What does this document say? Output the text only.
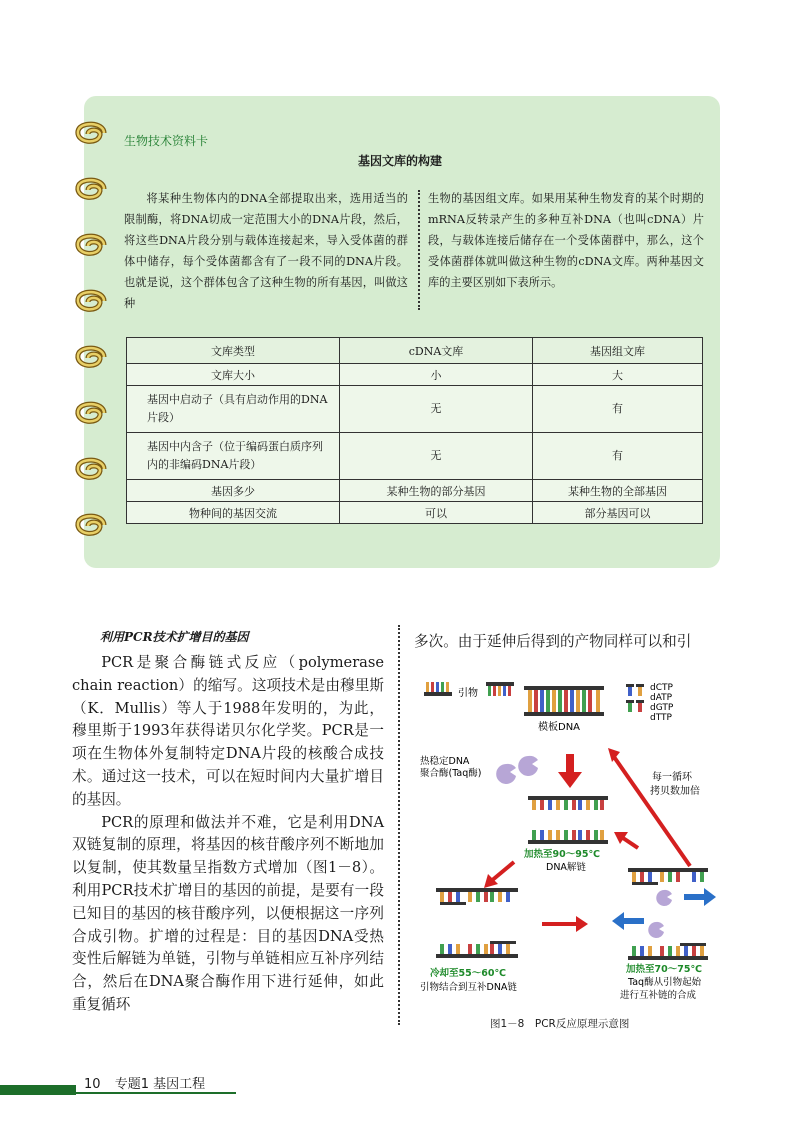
生物技术资料卡
基因文库的构建

将某种生物体内的DNA全部提取出来，选用适当的限制酶，将DNA切成一定范围大小的DNA片段，然后，将这些DNA片段分别与载体连接起来，导入受体菌的群体中储存，每个受体菌都含有了一段不同的DNA片段。也就是说，这个群体包含了这种生物的所有基因，叫做这种

生物的基因组文库。如果用某种生物发育的某个时期的mRNA反转录产生的多种互补DNA（也叫cDNA）片段，与载体连接后储存在一个受体菌群中，那么，这个受体菌群体就叫做这种生物的cDNA文库。两种基因文库的主要区别如下表所示。

文库类型	cDNA文库	基因组文库
文库大小	小	大
基因中启动子（具有启动作用的DNA片段）	无	有
基因中内含子（位于编码蛋白质序列内的非编码DNA片段）	无	有
基因多少	某种生物的部分基因	某种生物的全部基因
物种间的基因交流	可以	部分基因可以
利用PCR技术扩增目的基因

PCR是聚合酶链式反应（polymerase chain reaction）的缩写。这项技术是由穆里斯（K．Mullis）等人于1988年发明的，为此，穆里斯于1993年获得诺贝尔化学奖。PCR是一项在生物体外复制特定DNA片段的核酸合成技术。通过这一技术，可以在短时间内大量扩增目的基因。

PCR的原理和做法并不难，它是利用DNA双链复制的原理，将基因的核苷酸序列不断地加以复制，使其数量呈指数方式增加（图1－8）。利用PCR技术扩增目的基因的前提，是要有一段已知目的基因的核苷酸序列，以便根据这一序列合成引物。扩增的过程是：目的基因DNA受热变性后解链为单链，引物与单链相应互补序列结合，然后在DNA聚合酶作用下进行延伸，如此重复循环

多次。由于延伸后得到的产物同样可以和引
引物
模板DNA
dCTP
dATP
dGTP
dTTP
热稳定DNA
聚合酶(Taq酶)	每一循环
拷贝数加倍
加热至90～95℃
DNA解链
冷却至55～60℃
引物结合到互补DNA链
加热至70～75℃
Taq酶从引物起始
进行互补链的合成
图1－8　PCR反应原理示意图
10 专题1 基因工程
